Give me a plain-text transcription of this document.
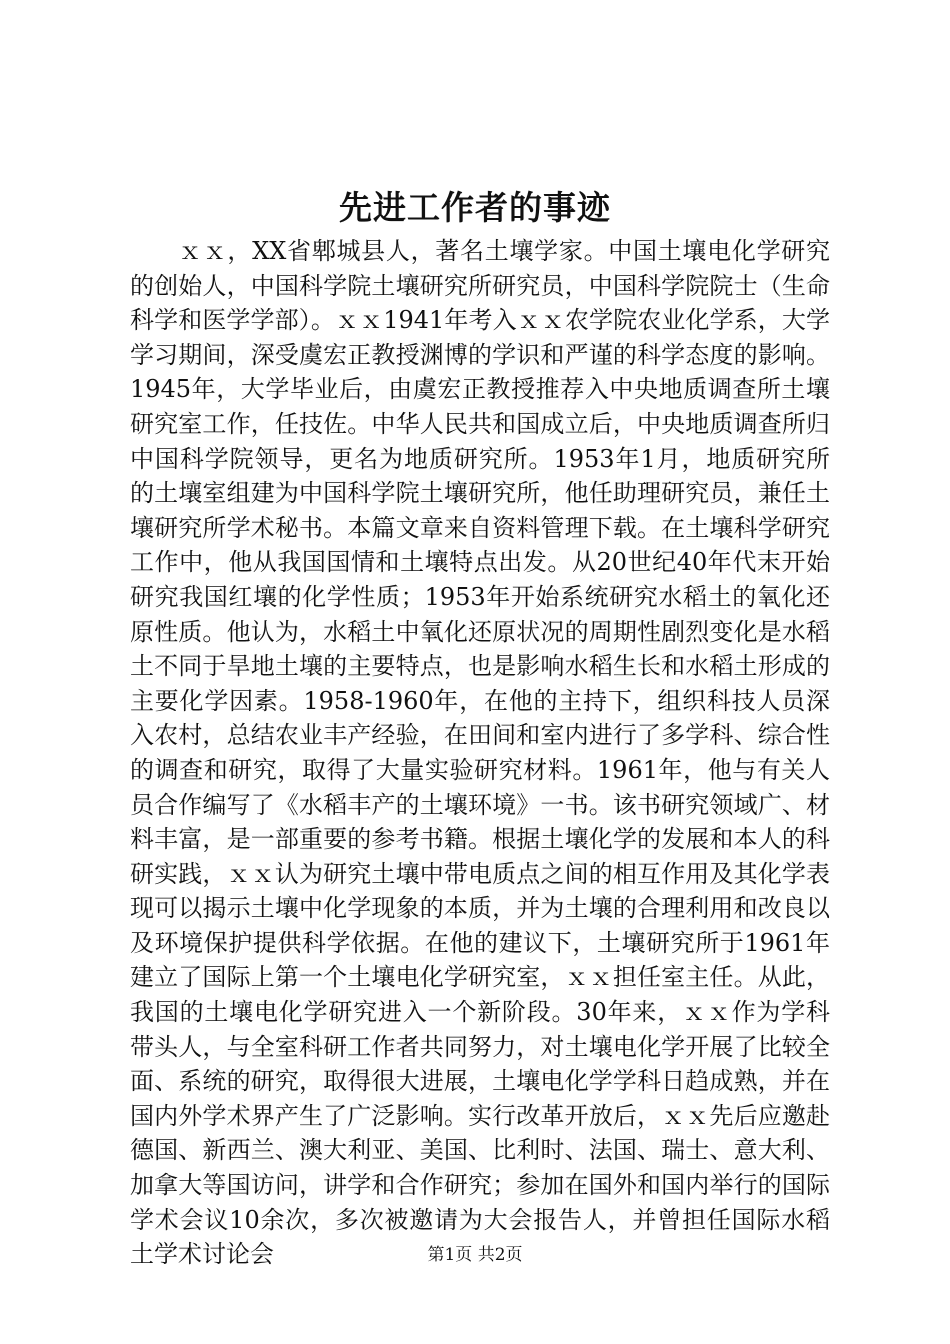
先进工作者的事迹

ｘｘ，XX省郫城县人，著名土壤学家。中国土壤电化学研究的创始人，中国科学院土壤研究所研究员，中国科学院院士（生命科学和医学学部）。ｘｘ1941年考入ｘｘ农学院农业化学系，大学学习期间，深受虞宏正教授渊博的学识和严谨的科学态度的影响。1945年，大学毕业后，由虞宏正教授推荐入中央地质调查所土壤研究室工作，任技佐。中华人民共和国成立后，中央地质调查所归中国科学院领导，更名为地质研究所。1953年1月，地质研究所的土壤室组建为中国科学院土壤研究所，他任助理研究员，兼任土壤研究所学术秘书。本篇文章来自资料管理下载。在土壤科学研究工作中，他从我国国情和土壤特点出发。从20世纪40年代末开始研究我国红壤的化学性质；1953年开始系统研究水稻土的氧化还原性质。他认为，水稻土中氧化还原状况的周期性剧烈变化是水稻土不同于旱地土壤的主要特点，也是影响水稻生长和水稻土形成的主要化学因素。1958-1960年，在他的主持下，组织科技人员深入农村，总结农业丰产经验，在田间和室内进行了多学科、综合性的调查和研究，取得了大量实验研究材料。1961年，他与有关人员合作编写了《水稻丰产的土壤环境》一书。该书研究领域广、材料丰富，是一部重要的参考书籍。根据土壤化学的发展和本人的科研实践，ｘｘ认为研究土壤中带电质点之间的相互作用及其化学表现可以揭示土壤中化学现象的本质，并为土壤的合理利用和改良以及环境保护提供科学依据。在他的建议下，土壤研究所于1961年建立了国际上第一个土壤电化学研究室，ｘｘ担任室主任。从此，我国的土壤电化学研究进入一个新阶段。30年来，ｘｘ作为学科带头人，与全室科研工作者共同努力，对土壤电化学开展了比较全面、系统的研究，取得很大进展，土壤电化学学科日趋成熟，并在国内外学术界产生了广泛影响。实行改革开放后，ｘｘ先后应邀赴德国、新西兰、澳大利亚、美国、比利时、法国、瑞士、意大利、加拿大等国访问，讲学和合作研究；参加在国外和国内举行的国际学术会议10余次，多次被邀请为大会报告人，并曾担任国际水稻土学术讨论会	第1页 共2页
